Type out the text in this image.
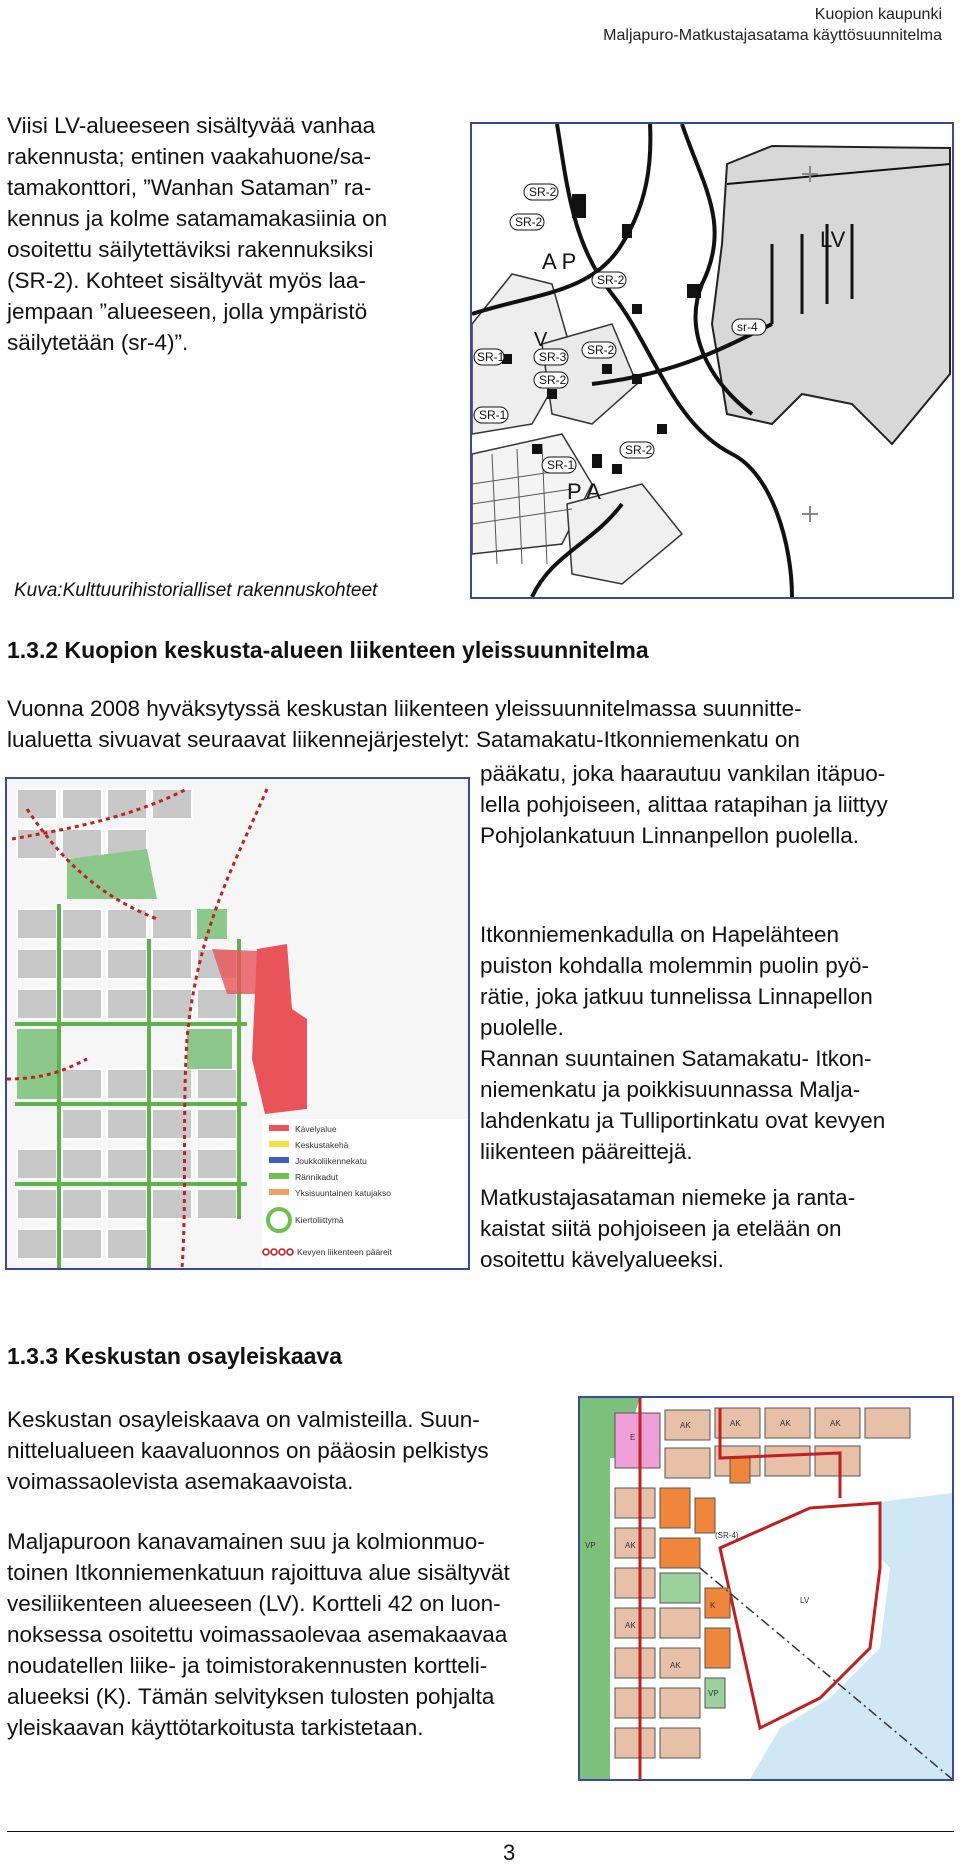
Kuopion kaupunki
Maljapuro-Matkustajasatama käyttösuunnitelma

Viisi LV-alueeseen sisältyvää vanhaa

rakennusta; entinen vaakahuone/sa-

tamakonttori, ”Wanhan Sataman” ra-

kennus ja kolme satamamakasiinia on

osoitettu säilytettäviksi rakennuksiksi

(SR-2). Kohteet sisältyvät myös laa-

jempaan ”alueeseen, jolla ympäristö

säilytetään (sr-4)”.

Kuva:Kulttuurihistorialliset rakennuskohteet
SR-2
SR-2
SR-2
SR-2
SR-3
SR-2
SR-1
SR-1
SR-1
SR-2
sr-4
LV
A P
V
P A
1.3.2 Kuopion keskusta-alueen liikenteen yleissuunnitelma

Vuonna 2008 hyväksytyssä keskustan liikenteen yleissuunnitelmassa suunnitte-

lualuetta sivuavat seuraavat liikennejärjestelyt: Satamakatu-Itkonniemenkatu on

pääkatu, joka haarautuu vankilan itäpuo-

lella pohjoiseen, alittaa ratapihan ja liittyy

Pohjolankatuun Linnanpellon puolella.

Itkonniemenkadulla on Hapelähteen

puiston kohdalla molemmin puolin pyö-

rätie, joka jatkuu tunnelissa Linnapellon

puolelle.

Rannan suuntainen Satamakatu- Itkon-

niemenkatu ja poikkisuunnassa Malja-

lahdenkatu ja Tulliportinkatu ovat kevyen

liikenteen pääreittejä.

Matkustajasataman niemeke ja ranta-

kaistat siitä pohjoiseen ja etelään on

osoitettu kävelyalueeksi.

Kävelyalue
Keskustakehä
Joukkoliikennekatu
Rännikadut
Yksisuuntainen katujakso
Kiertoliittymä
Kevyen liikenteen pääreit
1.3.3 Keskustan osayleiskaava

Keskustan osayleiskaava on valmisteilla. Suun-

nittelualueen kaavaluonnos on pääosin pelkistys

voimassaolevista asemakaavoista.

Maljapuroon kanavamainen suu ja kolmionmuo-

toinen Itkonniemenkatuun rajoittuva alue sisältyvät

vesiliikenteen alueeseen (LV). Kortteli 42 on luon-

noksessa osoitettu voimassaolevaa asemakaavaa

noudatellen liike- ja toimistorakennusten kortteli-

alueeksi (K). Tämän selvityksen tulosten pohjalta

yleiskaavan käyttötarkoitusta tarkistetaan.

AK	AK	AK	AK
AK
AK
AK
E
VP
VP
K
LV
(SR-4)
3
